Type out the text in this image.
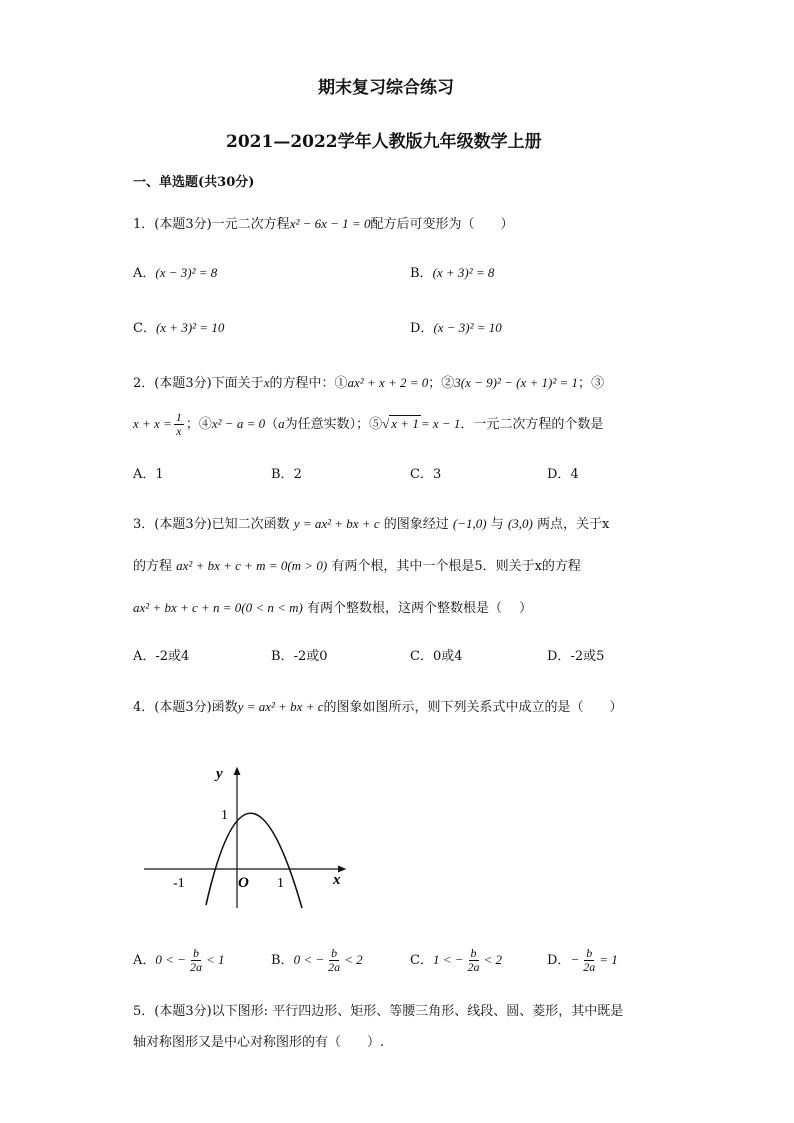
期末复习综合练习
2021—2022学年人教版九年级数学上册
一、单选题(共30分)
1．(本题3分)一元二次方程x² − 6x − 1 = 0配方后可变形为（　　）
A．(x − 3)² = 8	B．(x + 3)² = 8
C．(x + 3)² = 10	D．(x − 3)² = 10
2．(本题3分)下面关于x的方程中：①ax² + x + 2 = 0；②3(x − 9)² − (x + 1)² = 1；③
$x + x = \frac{1}{x}$ ；④x² − a = 0（a为任意实数）；⑤√ x + 1 = x − 1．一元二次方程的个数是
A．1	B．2	C．3	D．4
3．(本题3分)已知二次函数 y = ax² + bx + c 的图象经过 (−1,0) 与 (3,0) 两点，关于x
的方程 ax² + bx + c + m = 0(m > 0) 有两个根，其中一个根是5．则关于x的方程
ax² + bx + c + n = 0(0 < n < m) 有两个整数根，这两个整数根是（　 ）
A．-2或4	B．-2或0	C．0或4	D．-2或5
4．(本题3分)函数y = ax² + bx + c的图象如图所示，则下列关系式中成立的是（　　）
y
x
O
1
1
-1
A．0 < − $\frac{b}{2a} < 1$	B．0 < − $\frac{b}{2a} < 2$	C．1 < − $\frac{b}{2a} < 2$	D．− $\frac{b}{2a} = 1$
5．(本题3分)以下图形: 平行四边形、矩形、等腰三角形、线段、圆、菱形，其中既是
轴对称图形又是中心对称图形的有（　　）.
